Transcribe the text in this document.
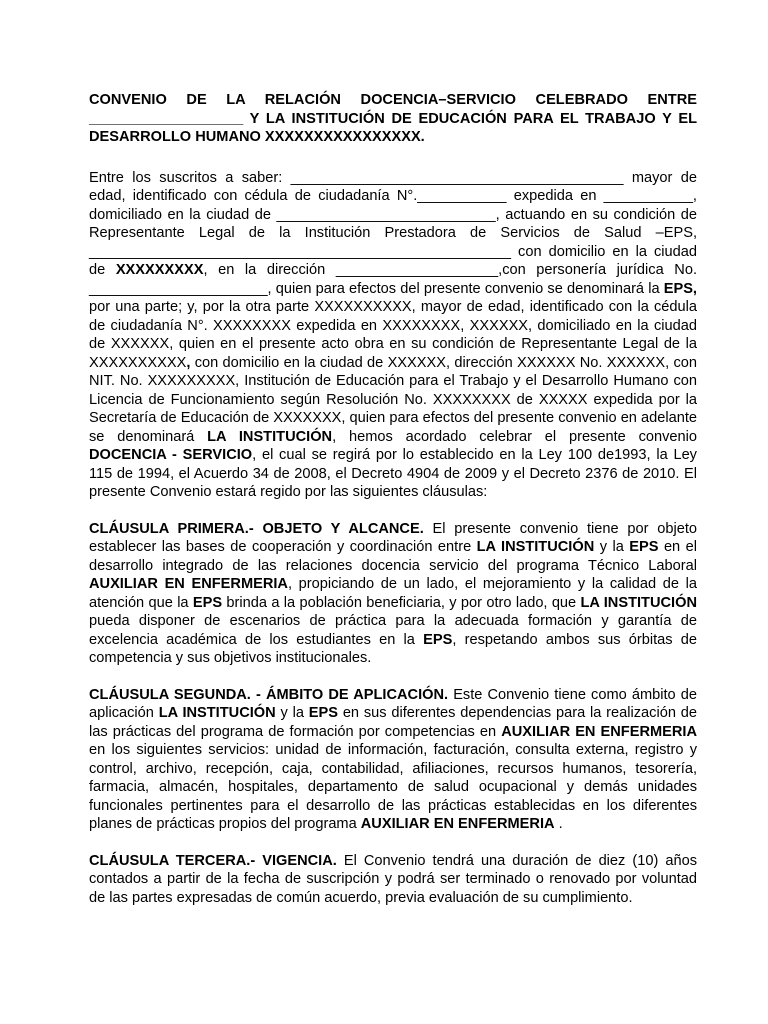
CONVENIO DE LA RELACIÓN DOCENCIA–SERVICIO CELEBRADO ENTRE ___________________ Y LA INSTITUCIÓN DE EDUCACIÓN PARA EL TRABAJO Y EL DESARROLLO HUMANO XXXXXXXXXXXXXXXX.

Entre los suscritos a saber: _________________________________________ mayor de edad, identificado con cédula de ciudadanía N°.___________ expedida en ___________, domiciliado en la ciudad de ___________________________, actuando en su condición de Representante Legal de la Institución Prestadora de Servicios de Salud –EPS, ____________________________________________________ con domicilio en la ciudad de XXXXXXXXX, en la dirección ____________________,con personería jurídica No. ______________________, quien para efectos del presente convenio se denominará la EPS, por una parte; y, por la otra parte XXXXXXXXXX, mayor de edad, identificado con la cédula de ciudadanía N°. XXXXXXXX expedida en XXXXXXXX, XXXXXX, domiciliado en la ciudad de XXXXXX, quien en el presente acto obra en su condición de Representante Legal de la XXXXXXXXXX, con domicilio en la ciudad de XXXXXX, dirección XXXXXX No. XXXXXX, con NIT. No. XXXXXXXXX, Institución de Educación para el Trabajo y el Desarrollo Humano con Licencia de Funcionamiento según Resolución No. XXXXXXXX de XXXXX expedida por la Secretaría de Educación de XXXXXXX, quien para efectos del presente convenio en adelante se denominará LA INSTITUCIÓN, hemos acordado celebrar el presente convenio DOCENCIA - SERVICIO, el cual se regirá por lo establecido en la Ley 100 de1993, la Ley 115 de 1994, el Acuerdo 34 de 2008, el Decreto 4904 de 2009 y el Decreto 2376 de 2010. El presente Convenio estará regido por las siguientes cláusulas:

CLÁUSULA PRIMERA.- OBJETO Y ALCANCE. El presente convenio tiene por objeto establecer las bases de cooperación y coordinación entre LA INSTITUCIÓN y la EPS en el desarrollo integrado de las relaciones docencia servicio del programa Técnico Laboral AUXILIAR EN ENFERMERIA, propiciando de un lado, el mejoramiento y la calidad de la atención que la EPS brinda a la población beneficiaria, y por otro lado, que LA INSTITUCIÓN pueda disponer de escenarios de práctica para la adecuada formación y garantía de excelencia académica de los estudiantes en la EPS, respetando ambos sus órbitas de competencia y sus objetivos institucionales.

CLÁUSULA SEGUNDA. - ÁMBITO DE APLICACIÓN. Este Convenio tiene como ámbito de aplicación LA INSTITUCIÓN y la EPS en sus diferentes dependencias para la realización de las prácticas del programa de formación por competencias en AUXILIAR EN ENFERMERIA en los siguientes servicios: unidad de información, facturación, consulta externa, registro y control, archivo, recepción, caja, contabilidad, afiliaciones, recursos humanos, tesorería, farmacia, almacén, hospitales, departamento de salud ocupacional y demás unidades funcionales pertinentes para el desarrollo de las prácticas establecidas en los diferentes planes de prácticas propios del programa AUXILIAR EN ENFERMERIA .

CLÁUSULA TERCERA.- VIGENCIA. El Convenio tendrá una duración de diez (10) años contados a partir de la fecha de suscripción y podrá ser terminado o renovado por voluntad de las partes expresadas de común acuerdo, previa evaluación de su cumplimiento.
